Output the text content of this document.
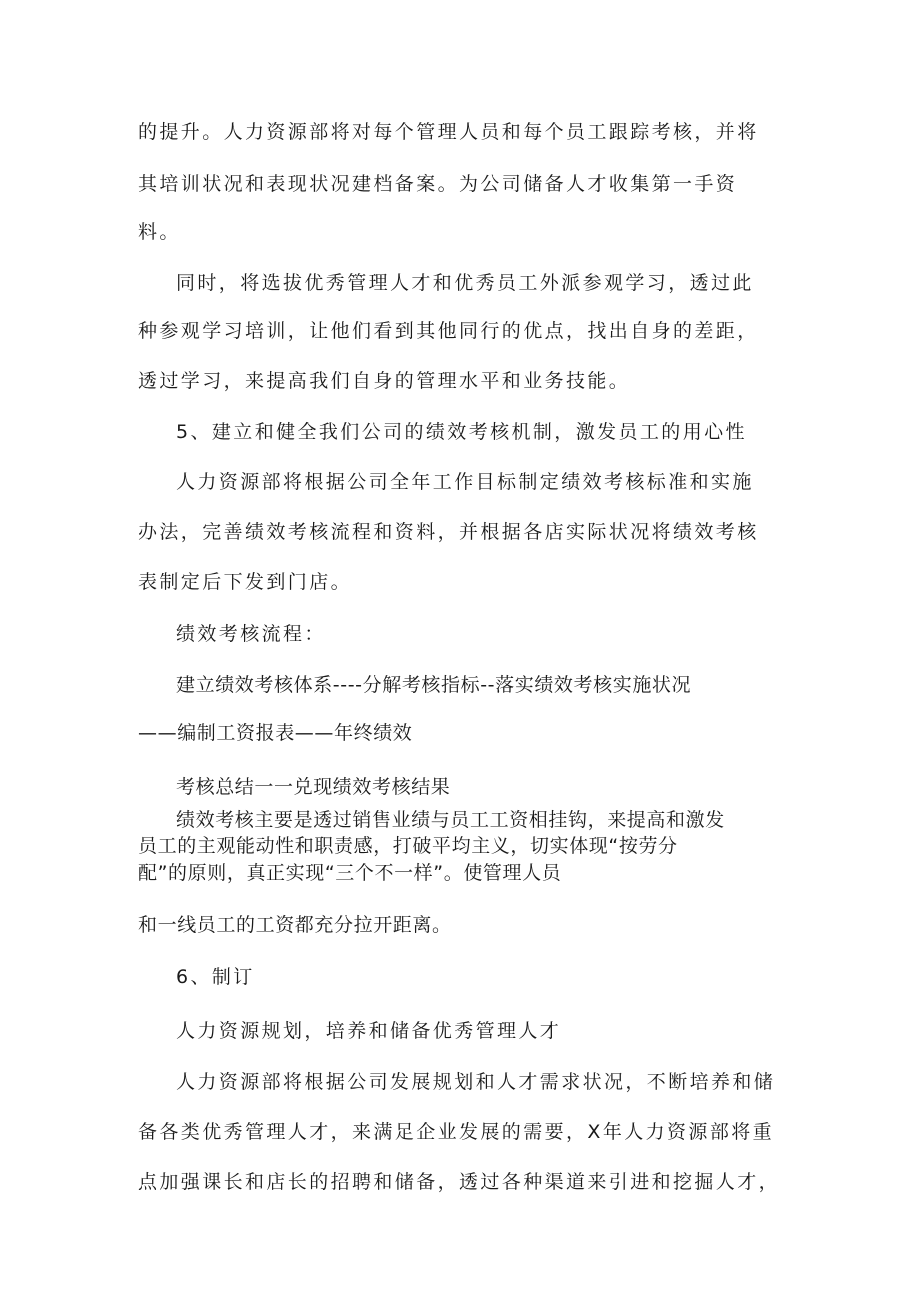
的提升。人力资源部将对每个管理人员和每个员工跟踪考核，并将
其培训状况和表现状况建档备案。为公司储备人才收集第一手资
料。
同时，将选拔优秀管理人才和优秀员工外派参观学习，透过此
种参观学习培训，让他们看到其他同行的优点，找出自身的差距，
透过学习，来提高我们自身的管理水平和业务技能。
5、建立和健全我们公司的绩效考核机制，激发员工的用心性
人力资源部将根据公司全年工作目标制定绩效考核标准和实施
办法，完善绩效考核流程和资料，并根据各店实际状况将绩效考核
表制定后下发到门店。
绩效考核流程：
建立绩效考核体系----分解考核指标--落实绩效考核实施状况
——编制工资报表——年终绩效
考核总结一一兑现绩效考核结果
绩效考核主要是透过销售业绩与员工工资相挂钩，来提高和激发
员工的主观能动性和职责感，打破平均主义，切实体现“按劳分
配”的原则，真正实现“三个不一样”。使管理人员
和一线员工的工资都充分拉开距离。
6、制订
人力资源规划，培养和储备优秀管理人才
人力资源部将根据公司发展规划和人才需求状况，不断培养和储
备各类优秀管理人才，来满足企业发展的需要，X年人力资源部将重
点加强课长和店长的招聘和储备，透过各种渠道来引进和挖掘人才，
